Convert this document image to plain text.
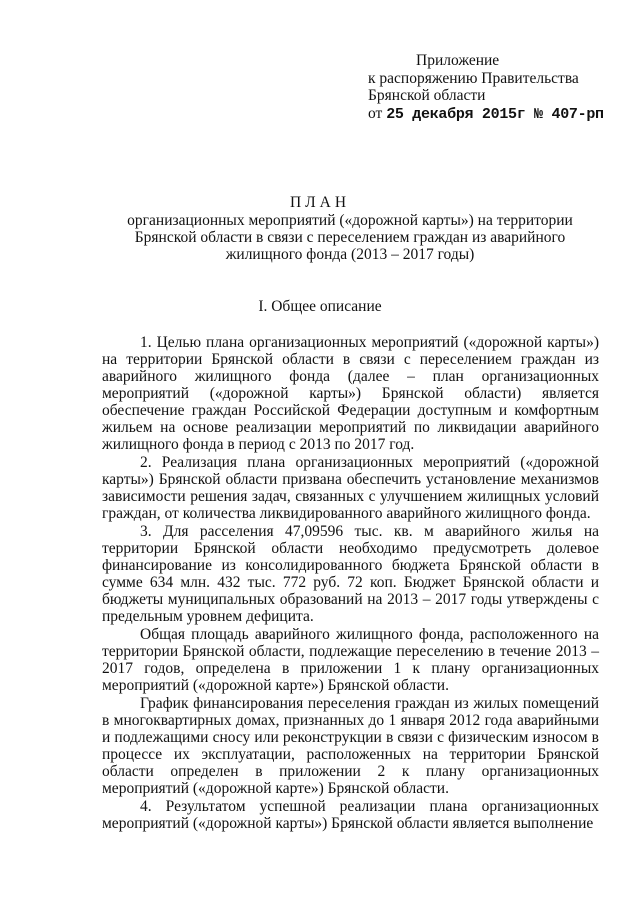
Приложение
к распоряжению Правительства
Брянской области
от 25 декабря 2015г № 407-рп
ПЛАН
организационных мероприятий («дорожной карты») на территории Брянской области в связи с переселением граждан из аварийного жилищного фонда (2013 – 2017 годы)
I. Общее описание

1. Целью плана организационных мероприятий («дорожной карты») на территории Брянской области в связи с переселением граждан из аварийного жилищного фонда (далее – план организационных мероприятий («дорожной карты») Брянской области) является обеспечение граждан Российской Федерации доступным и комфортным жильем на основе реализации мероприятий по ликвидации аварийного жилищного фонда в период с 2013 по 2017 год.

2. Реализация плана организационных мероприятий («дорожной карты») Брянской области призвана обеспечить установление механизмов зависимости решения задач, связанных с улучшением жилищных условий граждан, от количества ликвидированного аварийного жилищного фонда.

3. Для расселения 47,09596 тыс. кв. м аварийного жилья на территории Брянской области необходимо предусмотреть долевое финансирование из консолидированного бюджета Брянской области в сумме 634 млн. 432 тыс. 772 руб. 72 коп. Бюджет Брянской области и бюджеты муниципальных образований на 2013 – 2017 годы утверждены с предельным уровнем дефицита.

Общая площадь аварийного жилищного фонда, расположенного на территории Брянской области, подлежащие переселению в течение 2013 – 2017 годов, определена в приложении 1 к плану организационных мероприятий («дорожной карте») Брянской области.

График финансирования переселения граждан из жилых помещений в многоквартирных домах, признанных до 1 января 2012 года аварийными и подлежащими сносу или реконструкции в связи с физическим износом в процессе их эксплуатации, расположенных на территории Брянской области определен в приложении 2 к плану организационных мероприятий («дорожной карте») Брянской области.

4. Результатом успешной реализации плана организационных мероприятий («дорожной карты») Брянской области является выполнение
